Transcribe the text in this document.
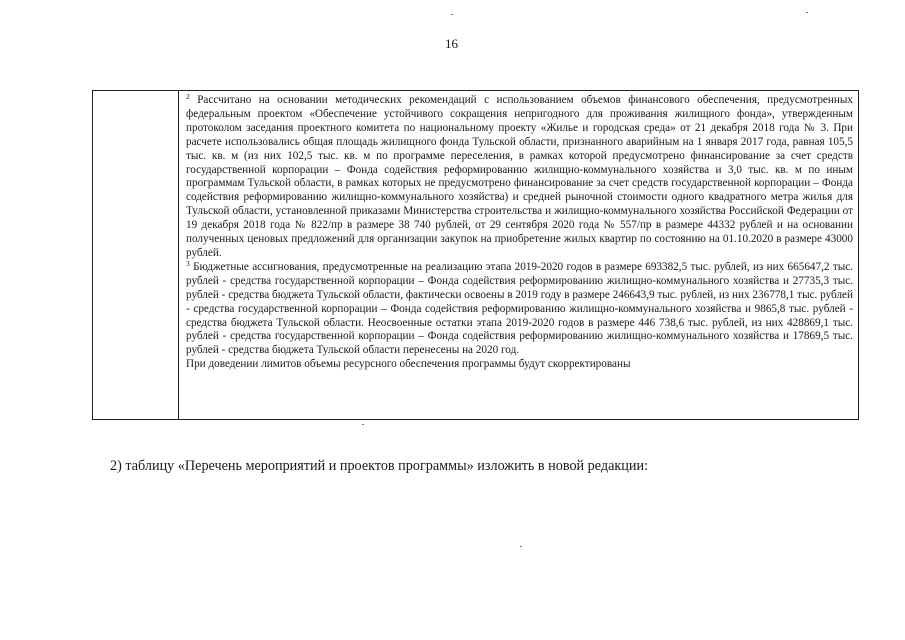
16

$^2$ Рассчитано на основании методических рекомендаций с использованием объемов финансового обеспечения, предусмотренных федеральным проектом «Обеспечение устойчивого сокращения непригодного для проживания жилищного фонда», утвержденным протоколом заседания проектного комитета по национальному проекту «Жилье и городская среда» от 21 декабря 2018 года № 3. При расчете использовались общая площадь жилищного фонда Тульской области, признанного аварийным на 1 января 2017 года, равная 105,5 тыс. кв. м (из них 102,5 тыс. кв. м по программе переселения, в рамках которой предусмотрено финансирование за счет средств государственной корпорации – Фонда содействия реформированию жилищно-коммунального хозяйства и 3,0 тыс. кв. м по иным программам Тульской области, в рамках которых не предусмотрено финансирование за счет средств государственной корпорации – Фонда содействия реформированию жилищно-коммунального хозяйства) и средней рыночной стоимости одного квадратного метра жилья для Тульской области, установленной приказами Министерства строительства и жилищно-коммунального хозяйства Российской Федерации от 19 декабря 2018 года № 822/пр в размере 38 740 рублей, от 29 сентября 2020 года № 557/пр в размере 44332 рублей и на основании полученных ценовых предложений для организации закупок на приобретение жилых квартир по состоянию на 01.10.2020 в размере 43000 рублей.

$^3$ Бюджетные ассигнования, предусмотренные на реализацию этапа 2019-2020 годов в размере 693382,5 тыс. рублей, из них 665647,2 тыс. рублей - средства государственной корпорации – Фонда содействия реформированию жилищно-коммунального хозяйства и 27735,3 тыс. рублей - средства бюджета Тульской области, фактически освоены в 2019 году в размере 246643,9 тыс. рублей, из них 236778,1 тыс. рублей - средства государственной корпорации – Фонда содействия реформированию жилищно-коммунального хозяйства и 9865,8 тыс. рублей - средства бюджета Тульской области. Неосвоенные остатки этапа 2019-2020 годов в размере 446 738,6 тыс. рублей, из них 428869,1 тыс. рублей - средства государственной корпорации – Фонда содействия реформированию жилищно-коммунального хозяйства и 17869,5 тыс. рублей - средства бюджета Тульской области перенесены на 2020 год.

При доведении лимитов объемы ресурсного обеспечения программы будут скорректированы

2) таблицу «Перечень мероприятий и проектов программы» изложить в новой редакции:
